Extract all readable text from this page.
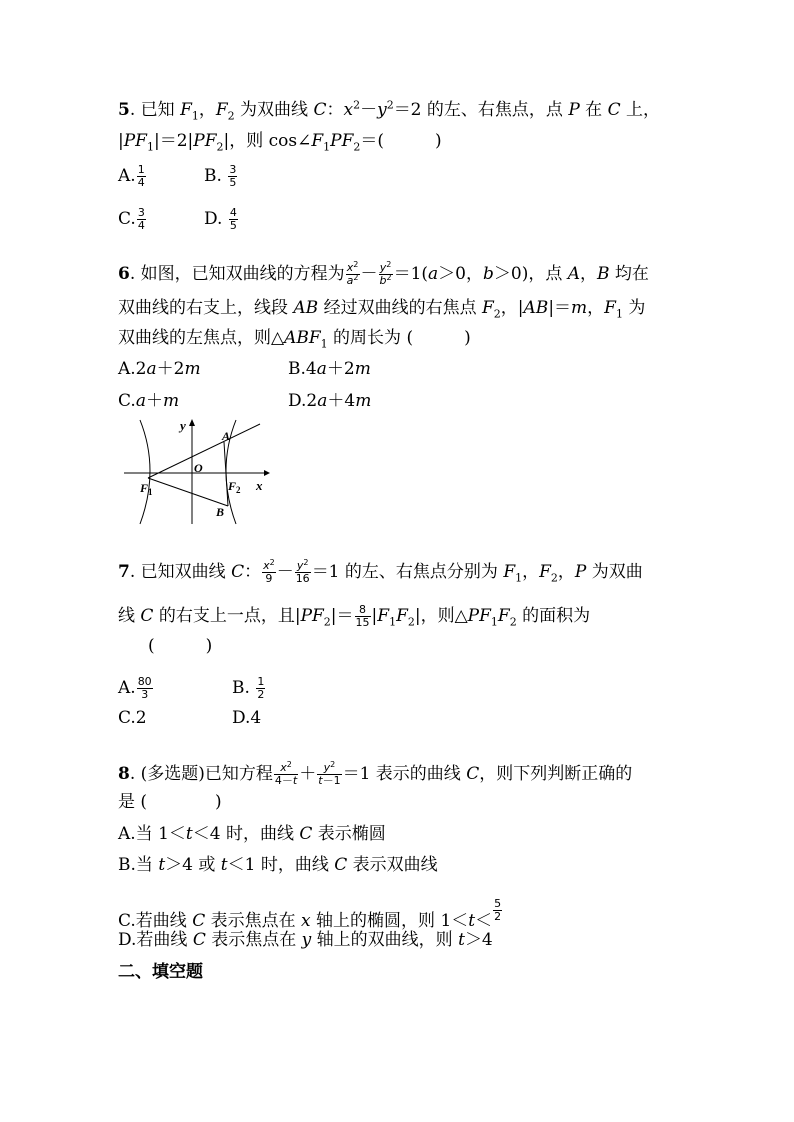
5. 已知 $F_1$，$F_2$ 为双曲线 C：$x^2-y^2=2$ 的左、右焦点，点 P 在 C 上，
$|PF_1|=2|PF_2|$，则 $\cos\angle F_1PF_2=$(　　　)
A. $\frac{1}{4}$	B. $\frac{3}{5}$
C. $\frac{3}{4}$	D. $\frac{4}{5}$
6. 如图，已知双曲线的方程为 $\frac{x^2}{a^2} - \frac{y^2}{b^2} =1(a>0$，b＞0)，点 A，B 均在
双曲线的右支上，线段 AB 经过双曲线的右焦点 $F_2$，|AB|＝m，$F_1$ 为
双曲线的左焦点，则$\triangle ABF_1$ 的周长为 (　　　)
A.2a＋2m	B.4a＋2m
C.a＋m	D.2a＋4m
y
x
O
A
B
$F_1$	$F_2$
7. 已知双曲线 C： $\frac{x^2}{9} - \frac{y^2}{16} =1$ 的左、右焦点分别为 $F_1$，$F_2$，P 为双曲
线 C 的右支上一点，且$|PF_2|= \frac{8}{15} |F_1F_2|$，则$\triangle PF_1F_2$ 的面积为
(　　　)
A. $\frac{80}{3}$	B. $\frac{1}{2}$
C.2	D.4
8. (多选题)已知方程 $\frac{x^2}{4-t} + \frac{y^2}{t-1} =1$ 表示的曲线 C，则下列判断正确的
是 (　　　　)
A.当 1＜t＜4 时，曲线 C 表示椭圆
B.当 t＞4 或 t＜1 时，曲线 C 表示双曲线
C.若曲线 C 表示焦点在 x 轴上的椭圆，则 $1<t< \frac{5}{2}$
D.若曲线 C 表示焦点在 y 轴上的双曲线，则 t＞4
二、填空题
